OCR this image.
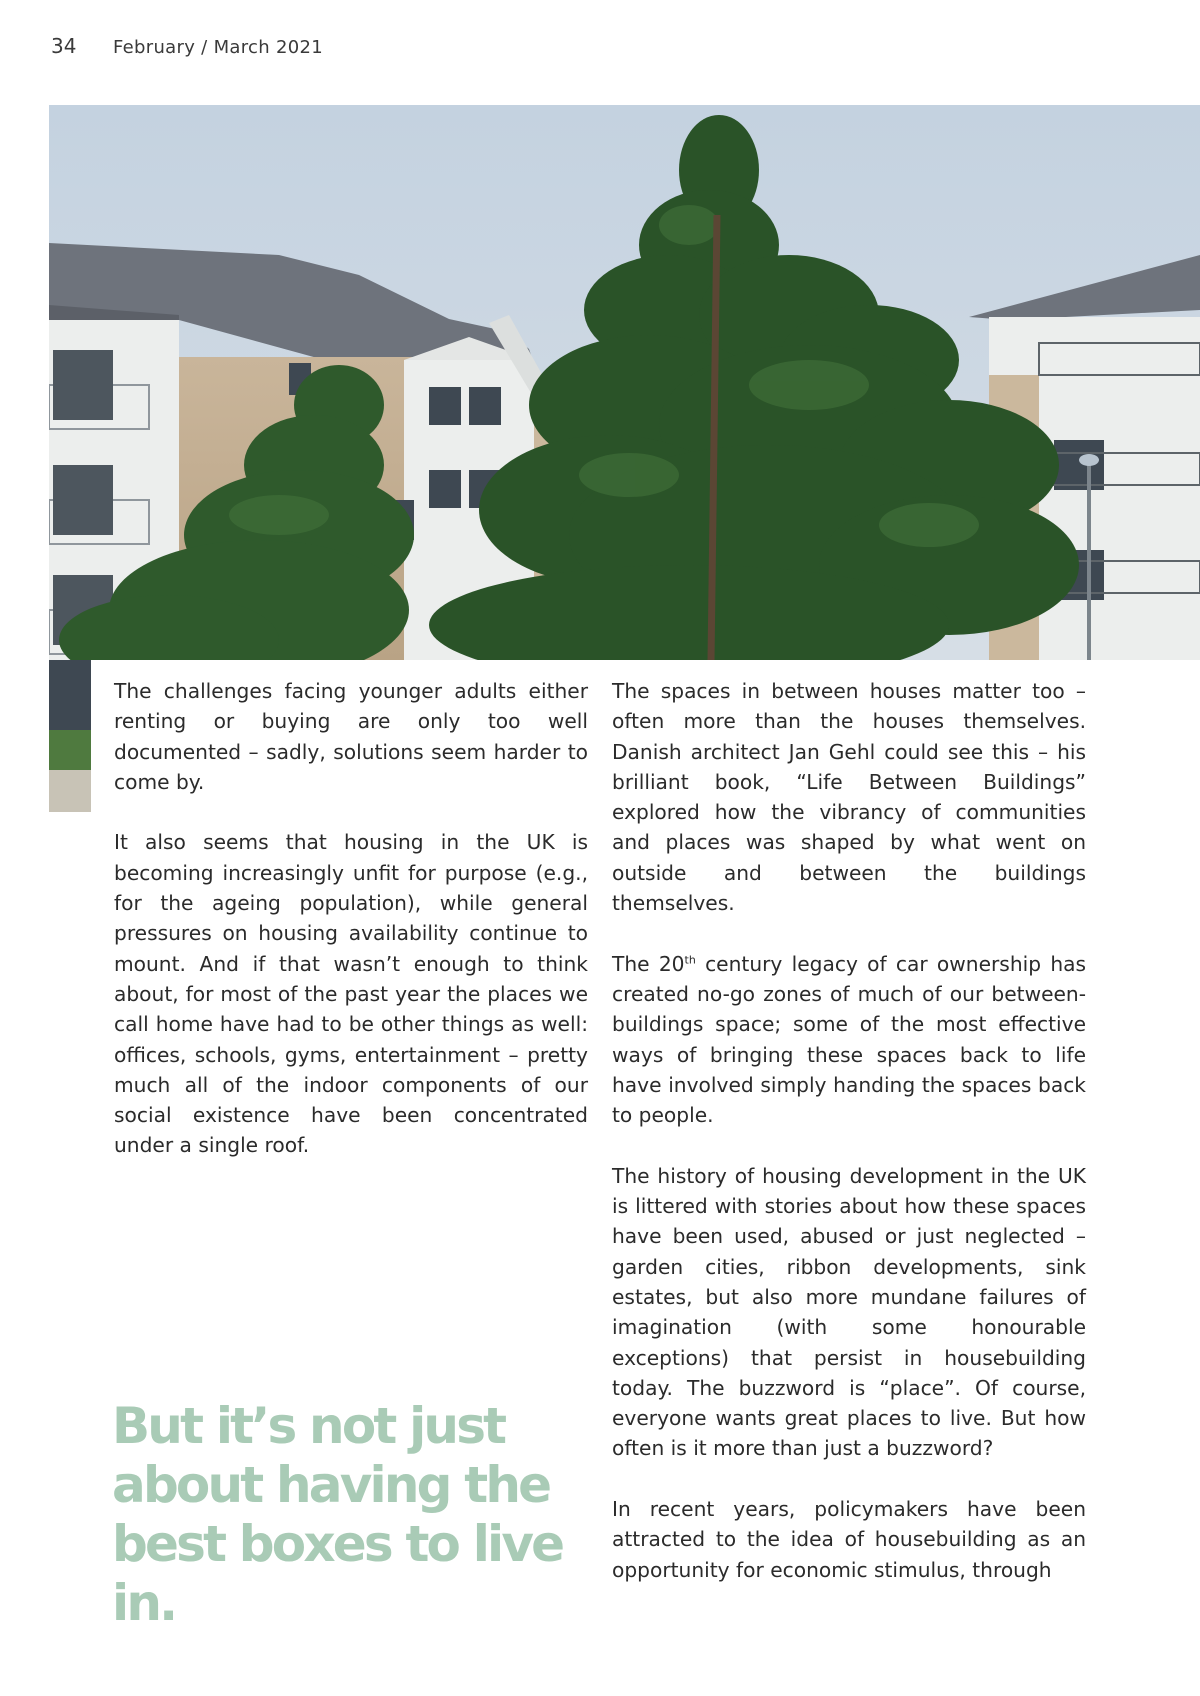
34 February / March 2021

The challenges facing younger adults either renting or buying are only too well documented – sadly, solutions seem harder to come by.

It also seems that housing in the UK is becoming increasingly unfit for purpose (e.g., for the ageing population), while general pressures on housing availability continue to mount. And if that wasn’t enough to think about, for most of the past year the places we call home have had to be other things as well: offices, schools, gyms, entertainment – pretty much all of the indoor components of our social existence have been concentrated under a single roof.

But it’s not just about having the best boxes to live in.

The spaces in between houses matter too – often more than the houses themselves. Danish architect Jan Gehl could see this – his brilliant book, “Life Between Buildings” explored how the vibrancy of communities and places was shaped by what went on outside and between the buildings themselves.

The 20th century legacy of car ownership has created no-go zones of much of our between-buildings space; some of the most effective ways of bringing these spaces back to life have involved simply handing the spaces back to people.

The history of housing development in the UK is littered with stories about how these spaces have been used, abused or just neglected – garden cities, ribbon developments, sink estates, but also more mundane failures of imagination (with some honourable exceptions) that persist in housebuilding today. The buzzword is “place”. Of course, everyone wants great places to live. But how often is it more than just a buzzword?

In recent years, policymakers have been attracted to the idea of housebuilding as an opportunity for economic stimulus, through
